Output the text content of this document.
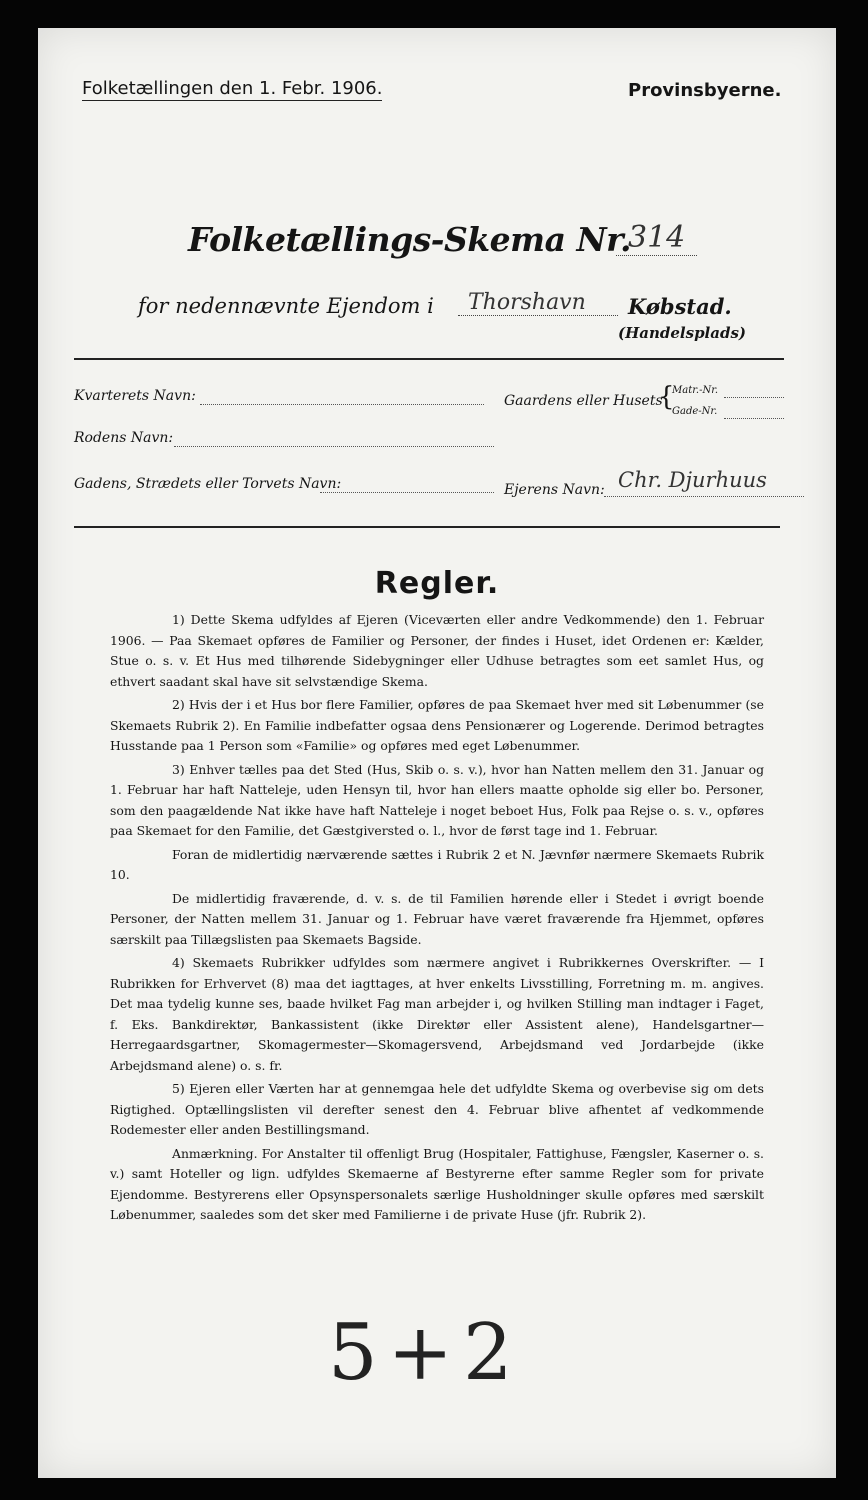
Folketællingen den 1. Febr. 1906.	Provinsbyerne.
Folketællings-Skema Nr.
314
for nedennævnte Ejendom i	Thorshavn	Købstad.
(Handelsplads)
Kvarterets Navn:	Gaardens eller Husets
{
Matr.-Nr.
Gade-Nr.
Rodens Navn:
Gadens, Strædets eller Torvets Navn:	Ejerens Navn: Chr. Djurhuus
Regler.

1) Dette Skema udfyldes af Ejeren (Viceværten eller andre Vedkommende) den 1. Februar 1906. — Paa Skemaet opføres de Familier og Personer, der findes i Huset, idet Ordenen er: Kælder, Stue o. s. v. Et Hus med tilhørende Sidebygninger eller Udhuse betragtes som eet samlet Hus, og ethvert saadant skal have sit selvstændige Skema.

2) Hvis der i et Hus bor flere Familier, opføres de paa Skemaet hver med sit Løbenummer (se Skemaets Rubrik 2). En Familie indbefatter ogsaa dens Pensionærer og Logerende. Derimod betragtes Husstande paa 1 Person som «Familie» og opføres med eget Løbenummer.

3) Enhver tælles paa det Sted (Hus, Skib o. s. v.), hvor han Natten mellem den 31. Januar og 1. Februar har haft Natteleje, uden Hensyn til, hvor han ellers maatte opholde sig eller bo. Personer, som den paagældende Nat ikke have haft Natteleje i noget beboet Hus, Folk paa Rejse o. s. v., opføres paa Skemaet for den Familie, det Gæstgiversted o. l., hvor de først tage ind 1. Februar.

Foran de midlertidig nærværende sættes i Rubrik 2 et N. Jævnfør nærmere Skemaets Rubrik 10.

De midlertidig fraværende, d. v. s. de til Familien hørende eller i Stedet i øvrigt boende Personer, der Natten mellem 31. Januar og 1. Februar have været fraværende fra Hjemmet, opføres særskilt paa Tillægslisten paa Skemaets Bagside.

4) Skemaets Rubrikker udfyldes som nærmere angivet i Rubrikkernes Overskrifter. — I Rubrikken for Erhvervet (8) maa det iagttages, at hver enkelts Livsstilling, Forretning m. m. angives. Det maa tydelig kunne ses, baade hvilket Fag man arbejder i, og hvilken Stilling man indtager i Faget, f. Eks. Bankdirektør, Bankassistent (ikke Direktør eller Assistent alene), Handelsgartner—Herregaardsgartner, Skomagermester—Skomagersvend, Arbejdsmand ved Jordarbejde (ikke Arbejdsmand alene) o. s. fr.

5) Ejeren eller Værten har at gennemgaa hele det udfyldte Skema og overbevise sig om dets Rigtighed. Optællingslisten vil derefter senest den 4. Februar blive afhentet af vedkommende Rodemester eller anden Bestillingsmand.

Anmærkning. For Anstalter til offenligt Brug (Hospitaler, Fattighuse, Fængsler, Kaserner o. s. v.) samt Hoteller og lign. udfyldes Skemaerne af Bestyrerne efter samme Regler som for private Ejendomme. Bestyrerens eller Opsynspersonalets særlige Husholdninger skulle opføres med særskilt Løbenummer, saaledes som det sker med Familierne i de private Huse (jfr. Rubrik 2).

5+2
